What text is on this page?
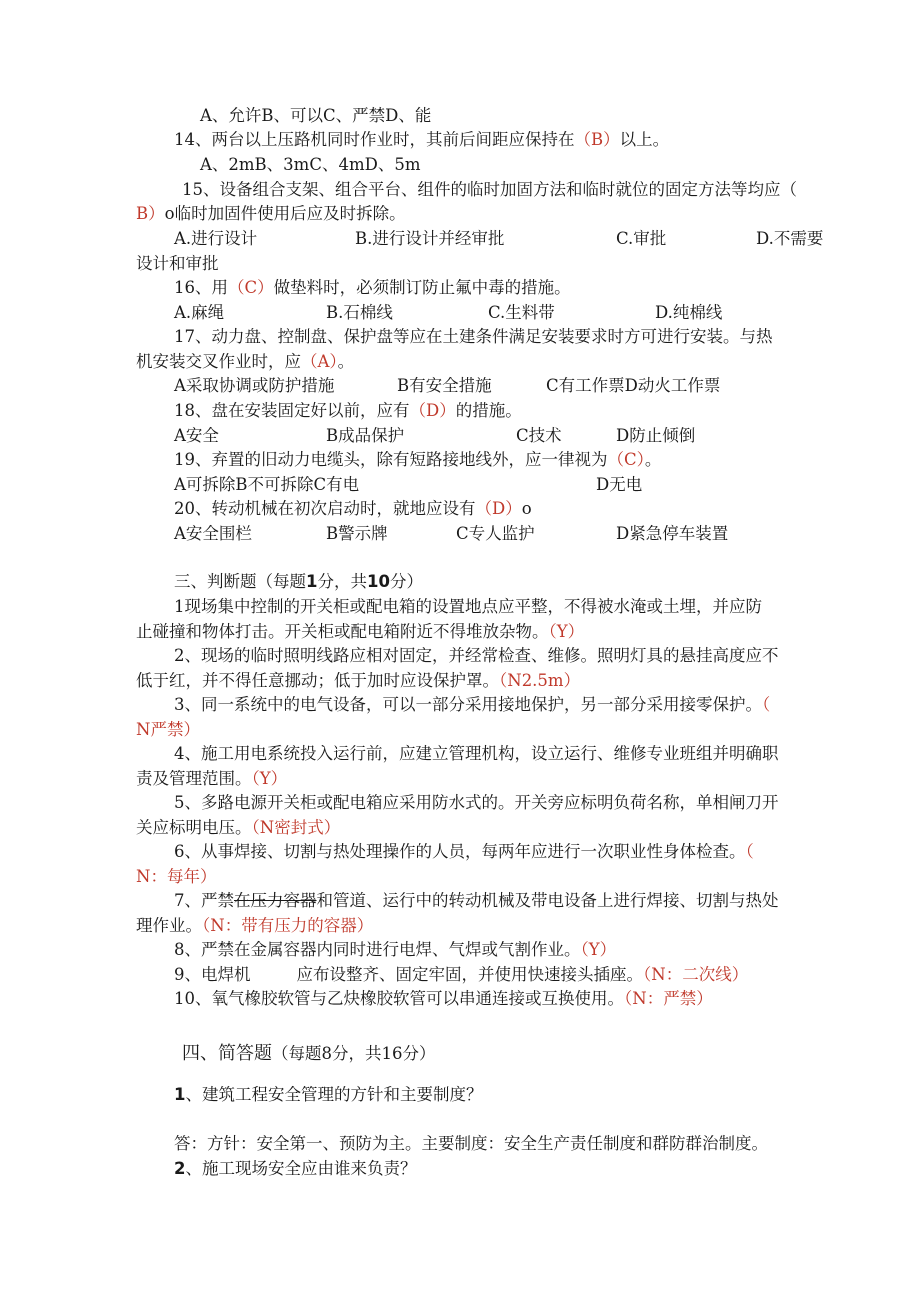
A、允许B、可以C、严禁D、能
14、两台以上压路机同时作业时，其前后间距应保持在（B）以上。
A、2mB、3mC、4mD、5m
15、设备组合支架、组合平台、组件的临时加固方法和临时就位的固定方法等均应（
B）o临时加固件使用后应及时拆除。
A.进行设计	B.进行设计并经审批	C.审批	D.不需要
设计和审批
16、用（C）做垫料时，必须制订防止氟中毒的措施。
A.麻绳	B.石棉线	C.生料带	D.纯棉线
17、动力盘、控制盘、保护盘等应在土建条件满足安装要求时方可进行安装。与热
机安装交叉作业时，应（A）。
A采取协调或防护措施	B有安全措施	C有工作票D动火工作票
18、盘在安装固定好以前，应有（D）的措施。
A安全	B成品保护	C技术	D防止倾倒
19、弃置的旧动力电缆头，除有短路接地线外，应一律视为（C）。
A可拆除B不可拆除C有电	D无电
20、转动机械在初次启动时，就地应设有（D）o
A安全围栏	B警示牌	C专人监护	D紧急停车装置
三、判断题（每题1分，共10分）
1现场集中控制的开关柜或配电箱的设置地点应平整，不得被水淹或土埋，并应防
止碰撞和物体打击。开关柜或配电箱附近不得堆放杂物。（Y）
2、现场的临时照明线路应相对固定，并经常检查、维修。照明灯具的悬挂高度应不
低于红，并不得任意挪动；低于加时应设保护罩。（N2.5m）
3、同一系统中的电气设备，可以一部分采用接地保护，另一部分采用接零保护。（
N严禁）
4、施工用电系统投入运行前，应建立管理机构，设立运行、维修专业班组并明确职
责及管理范围。（Y）
5、多路电源开关柜或配电箱应采用防水式的。开关旁应标明负荷名称，单相闸刀开
关应标明电压。（N密封式）
6、从事焊接、切割与热处理操作的人员，每两年应进行一次职业性身体检查。（
N：每年）
7、严禁在压力容器和管道、运行中的转动机械及带电设备上进行焊接、切割与热处
理作业。（N：带有压力的容器）
8、严禁在金属容器内同时进行电焊、气焊或气割作业。（Y）
9、电焊机	应布设整齐、固定牢固，并使用快速接头插座。（N：二次线）
10、氧气橡胶软管与乙炔橡胶软管可以串通连接或互换使用。（N：严禁）
四、简答题（每题8分，共16分）
1、建筑工程安全管理的方针和主要制度？
答：方针：安全第一、预防为主。主要制度：安全生产责任制度和群防群治制度。
2、施工现场安全应由谁来负责？
